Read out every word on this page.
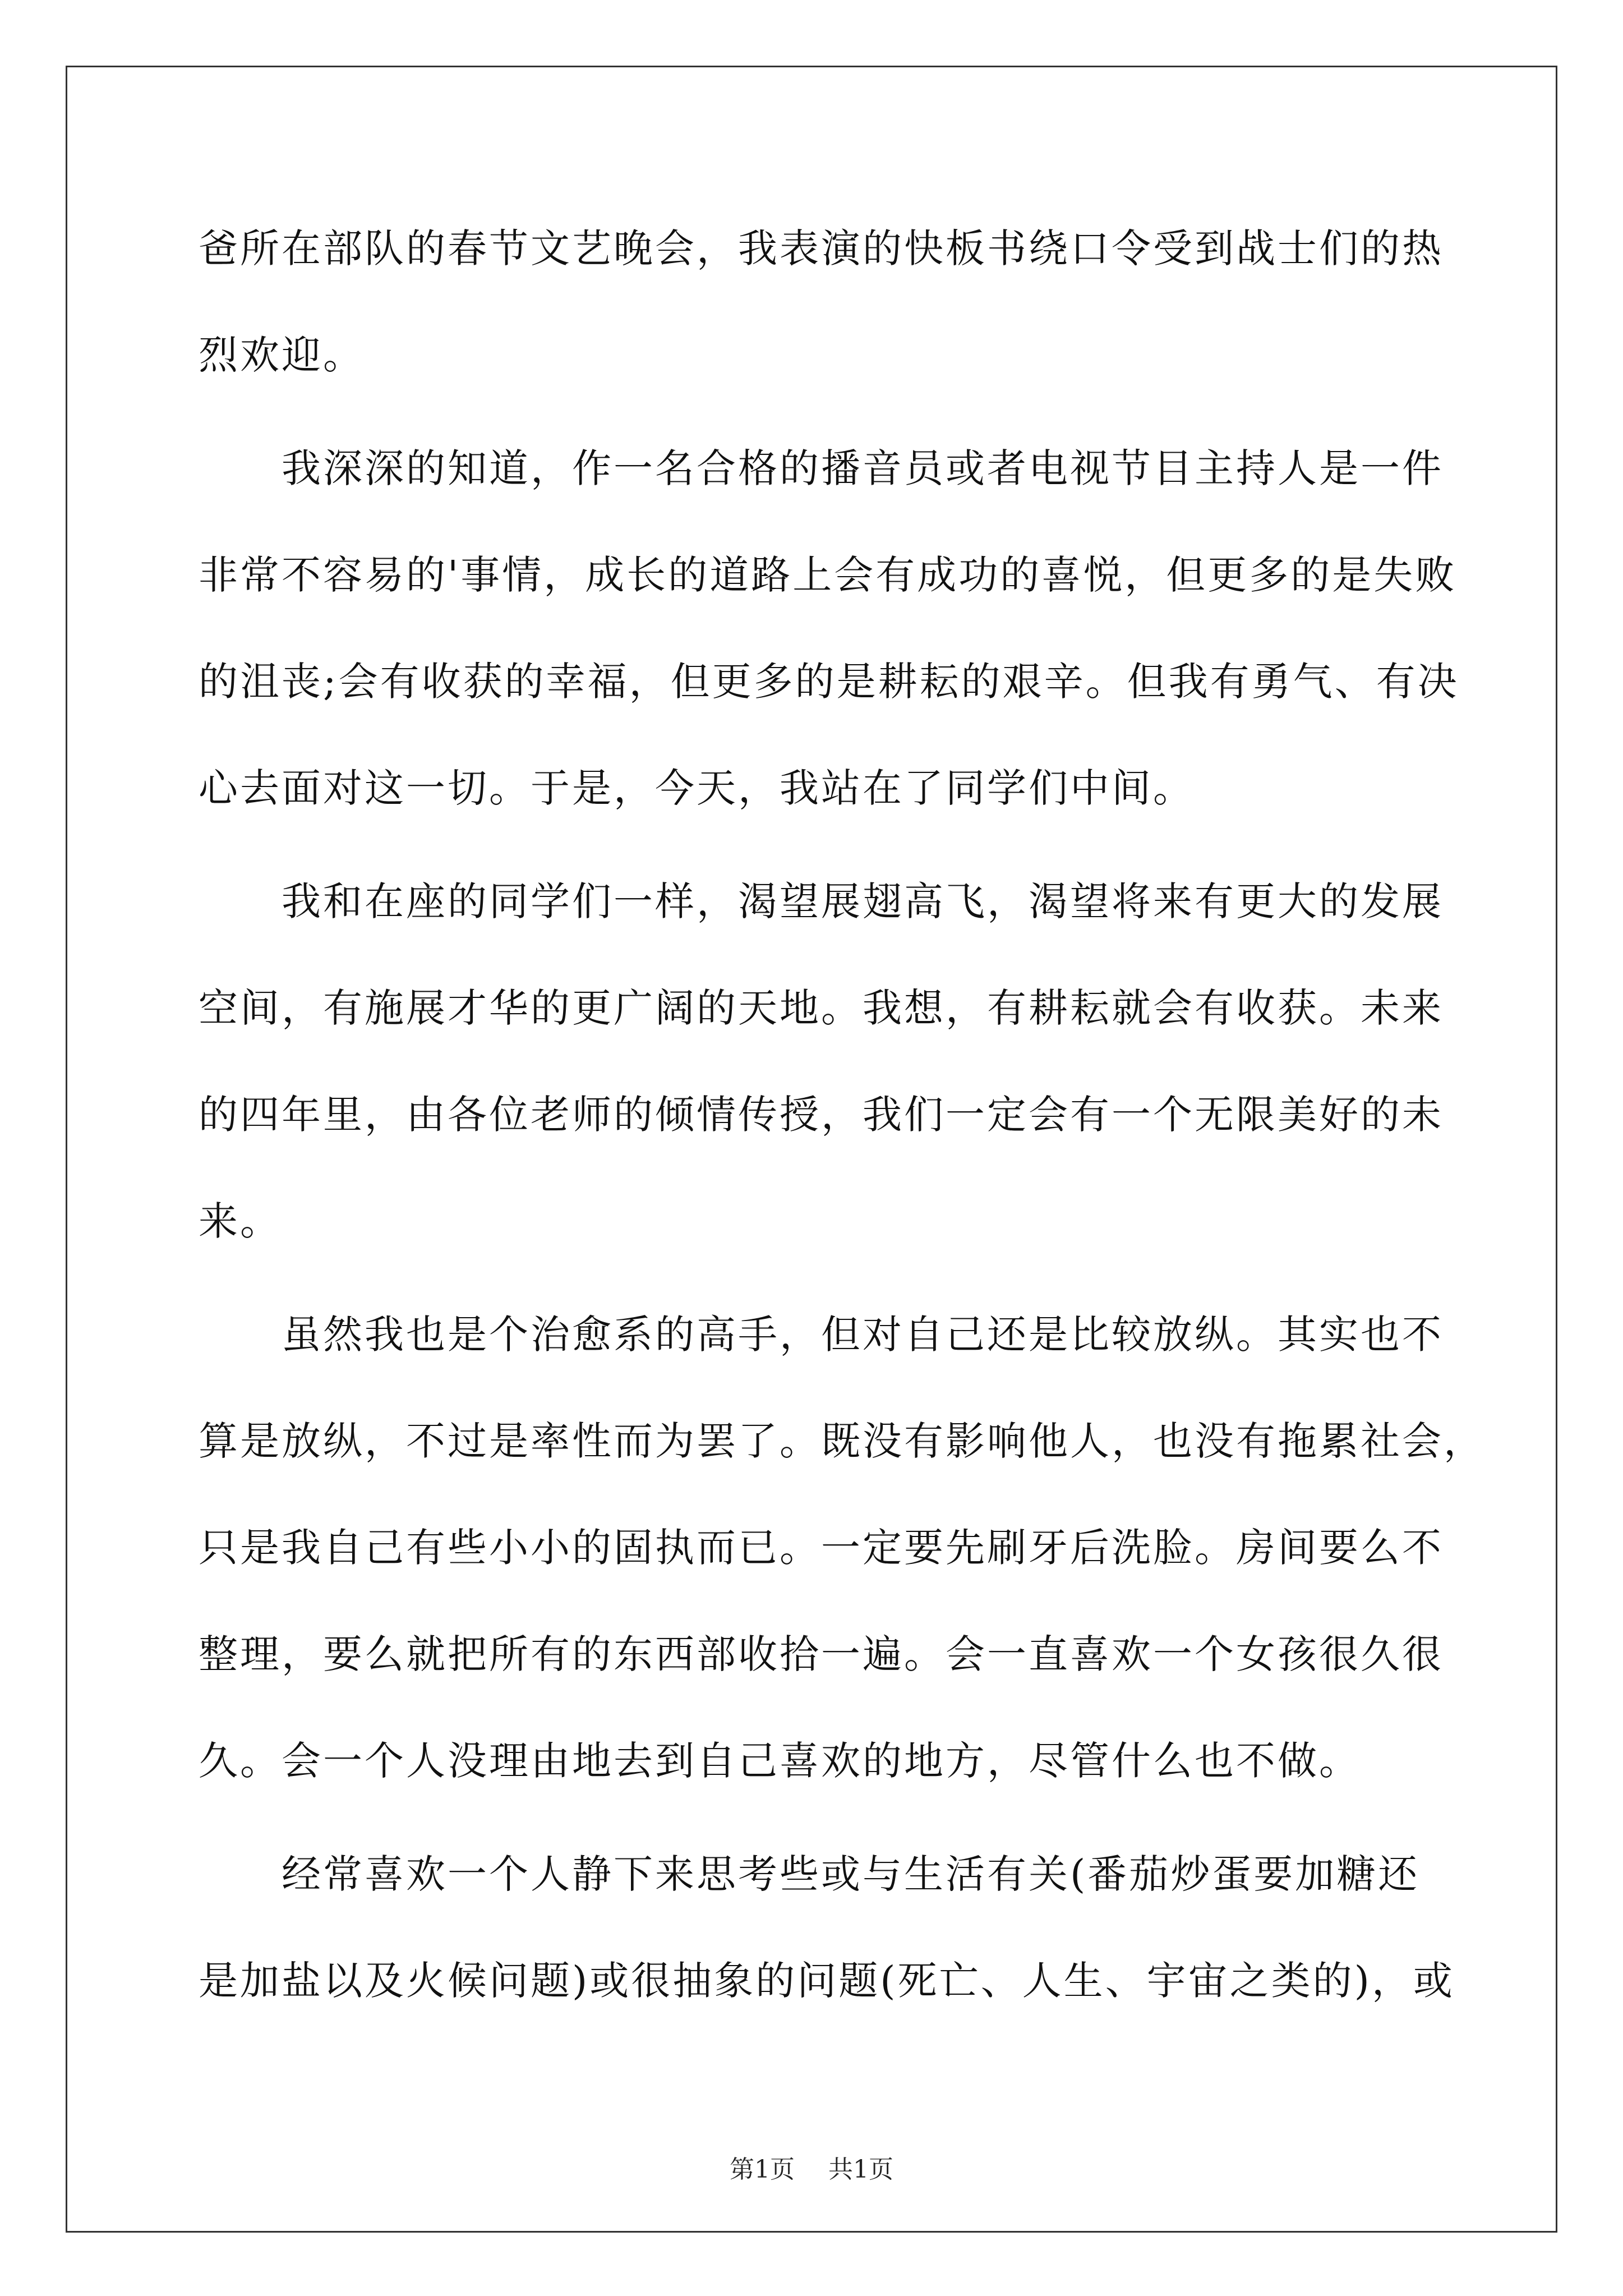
爸所在部队的春节文艺晚会，我表演的快板书绕口令受到战士们的热
烈欢迎。
我深深的知道，作一名合格的播音员或者电视节目主持人是一件
非常不容易的'事情，成长的道路上会有成功的喜悦，但更多的是失败
的沮丧;会有收获的幸福，但更多的是耕耘的艰辛。但我有勇气、有决
心去面对这一切。于是，今天，我站在了同学们中间。
我和在座的同学们一样，渴望展翅高飞，渴望将来有更大的发展
空间，有施展才华的更广阔的天地。我想，有耕耘就会有收获。未来
的四年里，由各位老师的倾情传授，我们一定会有一个无限美好的未
来。
虽然我也是个治愈系的高手，但对自己还是比较放纵。其实也不
算是放纵，不过是率性而为罢了。既没有影响他人，也没有拖累社会，
只是我自己有些小小的固执而已。一定要先刷牙后洗脸。房间要么不
整理，要么就把所有的东西部收拾一遍。会一直喜欢一个女孩很久很
久。会一个人没理由地去到自己喜欢的地方，尽管什么也不做。
经常喜欢一个人静下来思考些或与生活有关(番茄炒蛋要加糖还
是加盐以及火候问题)或很抽象的问题(死亡、人生、宇宙之类的)，或
第1页 共1页
